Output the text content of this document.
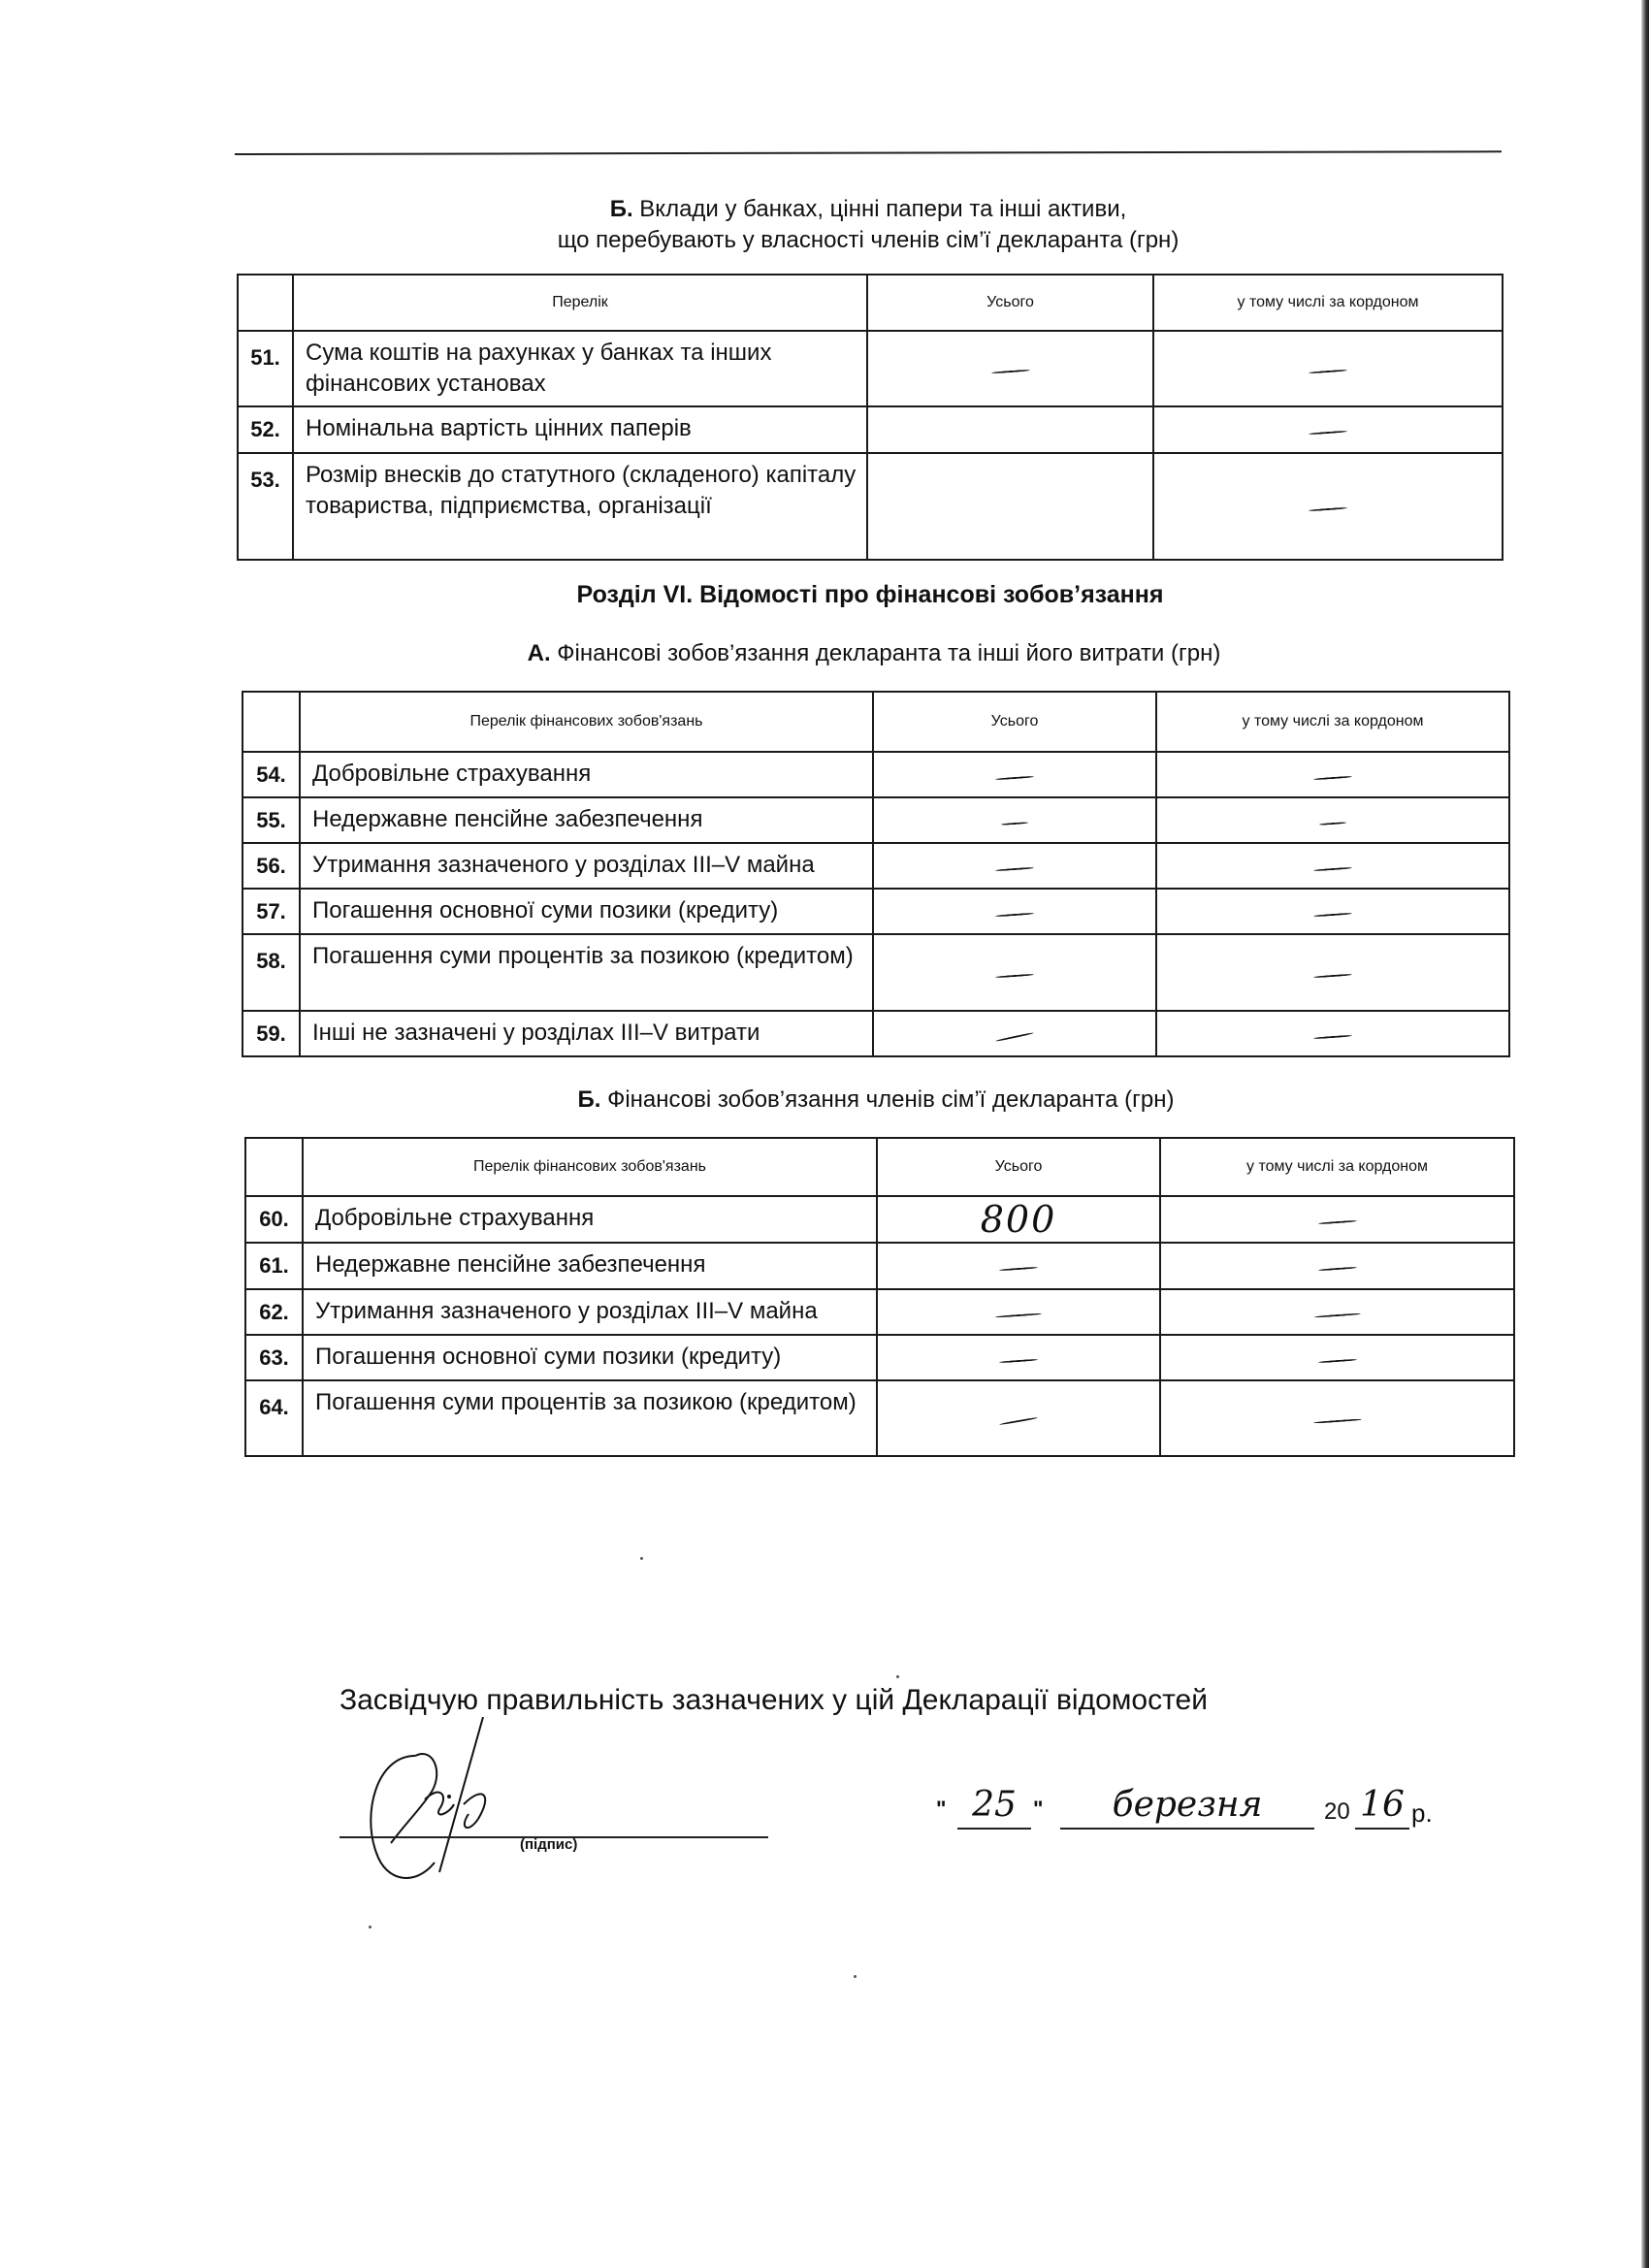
Б. Вклади у банках, цінні папери та інші активи,
що перебувають у власності членів сім’ї декларанта (грн)
	Перелік	Усього	у тому числі за кордоном
51.	Сума коштів на рахунках у банках та інших фінансових установах		
52.	Номінальна вартість цінних паперів		
53.	Розмір внесків до статутного (складеного) капіталу товариства, підприємства, організації		
Розділ VI. Відомості про фінансові зобов’язання
А. Фінансові зобов’язання декларанта та інші його витрати (грн)
	Перелік фінансових зобов'язань	Усього	у тому числі за кордоном
54.	Добровільне страхування		
55.	Недержавне пенсійне забезпечення		
56.	Утримання зазначеного у розділах III–V майна		
57.	Погашення основної суми позики (кредиту)		
58.	Погашення суми процентів за позикою (кредитом)		
59.	Інші не зазначені у розділах III–V витрати		
Б. Фінансові зобов’язання членів сім’ї декларанта (грн)
	Перелік фінансових зобов'язань	Усього	у тому числі за кордоном
60.	Добровільне страхування	800	
61.	Недержавне пенсійне забезпечення		
62.	Утримання зазначеного у розділах III–V майна		
63.	Погашення основної суми позики (кредиту)		
64.	Погашення суми процентів за позикою (кредитом)		
Засвідчую правильність зазначених у цій Декларації відомостей
(підпис)
" 25 "	березня	20 16 р.
